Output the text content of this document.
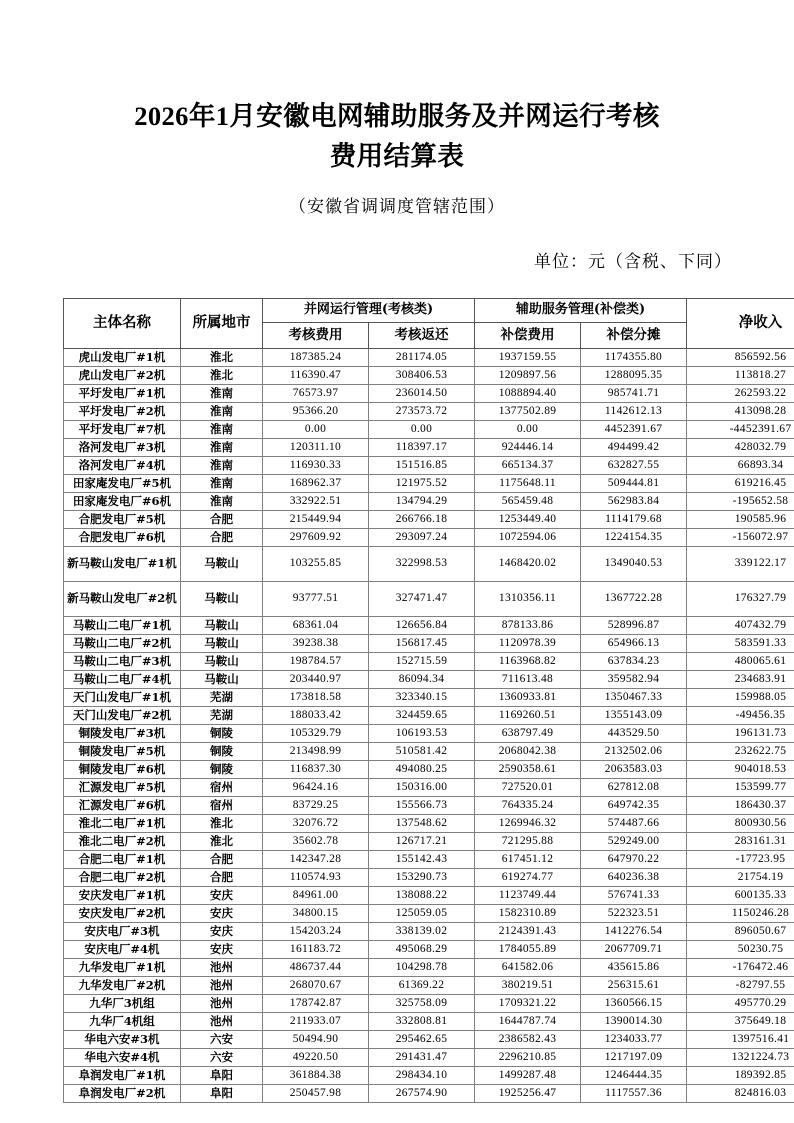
2026年1月安徽电网辅助服务及并网运行考核
费用结算表
（安徽省调调度管辖范围）
单位：元（含税、下同）
主体名称	所属地市	并网运行管理(考核类)		辅助服务管理(补偿类)		净收入
		考核费用	考核返还	补偿费用	补偿分摊	
虎山发电厂#1机	淮北	187385.24	281174.05	1937159.55	1174355.80	856592.56
虎山发电厂#2机	淮北	116390.47	308406.53	1209897.56	1288095.35	113818.27
平圩发电厂#1机	淮南	76573.97	236014.50	1088894.40	985741.71	262593.22
平圩发电厂#2机	淮南	95366.20	273573.72	1377502.89	1142612.13	413098.28
平圩发电厂#7机	淮南	0.00	0.00	0.00	4452391.67	-4452391.67
洛河发电厂#3机	淮南	120311.10	118397.17	924446.14	494499.42	428032.79
洛河发电厂#4机	淮南	116930.33	151516.85	665134.37	632827.55	66893.34
田家庵发电厂#5机	淮南	168962.37	121975.52	1175648.11	509444.81	619216.45
田家庵发电厂#6机	淮南	332922.51	134794.29	565459.48	562983.84	-195652.58
合肥发电厂#5机	合肥	215449.94	266766.18	1253449.40	1114179.68	190585.96
合肥发电厂#6机	合肥	297609.92	293097.24	1072594.06	1224154.35	-156072.97
新马鞍山发电厂#1机	马鞍山	103255.85	322998.53	1468420.02	1349040.53	339122.17
新马鞍山发电厂#2机	马鞍山	93777.51	327471.47	1310356.11	1367722.28	176327.79
马鞍山二电厂#1机	马鞍山	68361.04	126656.84	878133.86	528996.87	407432.79
马鞍山二电厂#2机	马鞍山	39238.38	156817.45	1120978.39	654966.13	583591.33
马鞍山二电厂#3机	马鞍山	198784.57	152715.59	1163968.82	637834.23	480065.61
马鞍山二电厂#4机	马鞍山	203440.97	86094.34	711613.48	359582.94	234683.91
天门山发电厂#1机	芜湖	173818.58	323340.15	1360933.81	1350467.33	159988.05
天门山发电厂#2机	芜湖	188033.42	324459.65	1169260.51	1355143.09	-49456.35
铜陵发电厂#3机	铜陵	105329.79	106193.53	638797.49	443529.50	196131.73
铜陵发电厂#5机	铜陵	213498.99	510581.42	2068042.38	2132502.06	232622.75
铜陵发电厂#6机	铜陵	116837.30	494080.25	2590358.61	2063583.03	904018.53
汇源发电厂#5机	宿州	96424.16	150316.00	727520.01	627812.08	153599.77
汇源发电厂#6机	宿州	83729.25	155566.73	764335.24	649742.35	186430.37
淮北二电厂#1机	淮北	32076.72	137548.62	1269946.32	574487.66	800930.56
淮北二电厂#2机	淮北	35602.78	126717.21	721295.88	529249.00	283161.31
合肥二电厂#1机	合肥	142347.28	155142.43	617451.12	647970.22	-17723.95
合肥二电厂#2机	合肥	110574.93	153290.73	619274.77	640236.38	21754.19
安庆发电厂#1机	安庆	84961.00	138088.22	1123749.44	576741.33	600135.33
安庆发电厂#2机	安庆	34800.15	125059.05	1582310.89	522323.51	1150246.28
安庆电厂#3机	安庆	154203.24	338139.02	2124391.43	1412276.54	896050.67
安庆电厂#4机	安庆	161183.72	495068.29	1784055.89	2067709.71	50230.75
九华发电厂#1机	池州	486737.44	104298.78	641582.06	435615.86	-176472.46
九华发电厂#2机	池州	268070.67	61369.22	380219.51	256315.61	-82797.55
九华厂3机组	池州	178742.87	325758.09	1709321.22	1360566.15	495770.29
九华厂4机组	池州	211933.07	332808.81	1644787.74	1390014.30	375649.18
华电六安#3机	六安	50494.90	295462.65	2386582.43	1234033.77	1397516.41
华电六安#4机	六安	49220.50	291431.47	2296210.85	1217197.09	1321224.73
阜润发电厂#1机	阜阳	361884.38	298434.10	1499287.48	1246444.35	189392.85
阜润发电厂#2机	阜阳	250457.98	267574.90	1925256.47	1117557.36	824816.03
